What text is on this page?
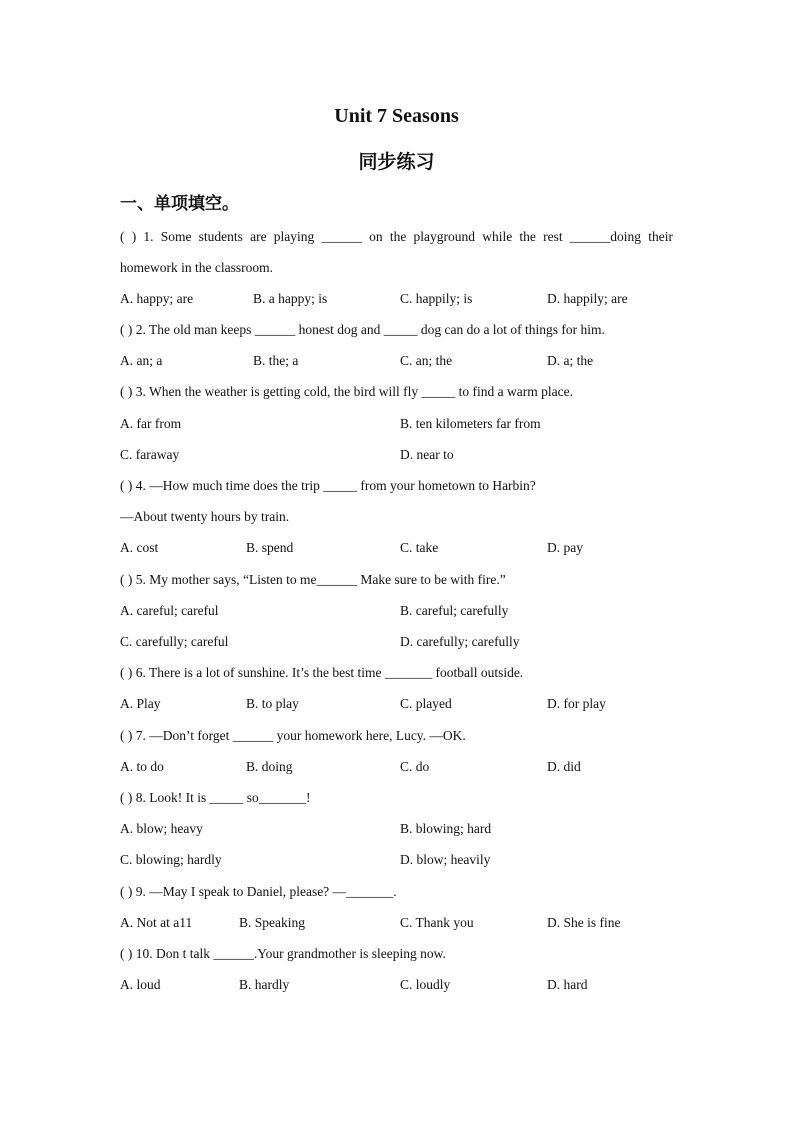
Unit 7 Seasons
同步练习
一、单项填空。
( ) 1. Some students are playing ______ on the playground while the rest ______doing their
homework in the classroom.
A. happy; are	B. a happy; is	C. happily; is	D. happily; are
( ) 2. The old man keeps ______ honest dog and _____ dog can do a lot of things for him.
A. an; a	B. the; a	C. an; the	D. a; the
( ) 3. When the weather is getting cold, the bird will fly _____ to find a warm place.
A. far from	B. ten kilometers far from
C. faraway	D. near to
( ) 4. —How much time does the trip _____ from your hometown to Harbin?
—About twenty hours by train.
A. cost	B. spend	C. take	D. pay
( ) 5. My mother says, “Listen to me______ Make sure to be with fire.”
A. careful; careful	B. careful; carefully
C. carefully; careful	D. carefully; carefully
( ) 6. There is a lot of sunshine. It’s the best time _______ football outside.
A. Play	B. to play	C. played	D. for play
( ) 7. —Don’t forget ______ your homework here, Lucy. —OK.
A. to do	B. doing	C. do	D. did
( ) 8. Look! It is _____ so_______!
A. blow; heavy	B. blowing; hard
C. blowing; hardly	D. blow; heavily
( ) 9. —May I speak to Daniel, please? —_______.
A. Not at a11	B. Speaking	C. Thank you	D. She is fine
( ) 10. Don t talk ______.Your grandmother is sleeping now.
A. loud	B. hardly	C. loudly	D. hard
